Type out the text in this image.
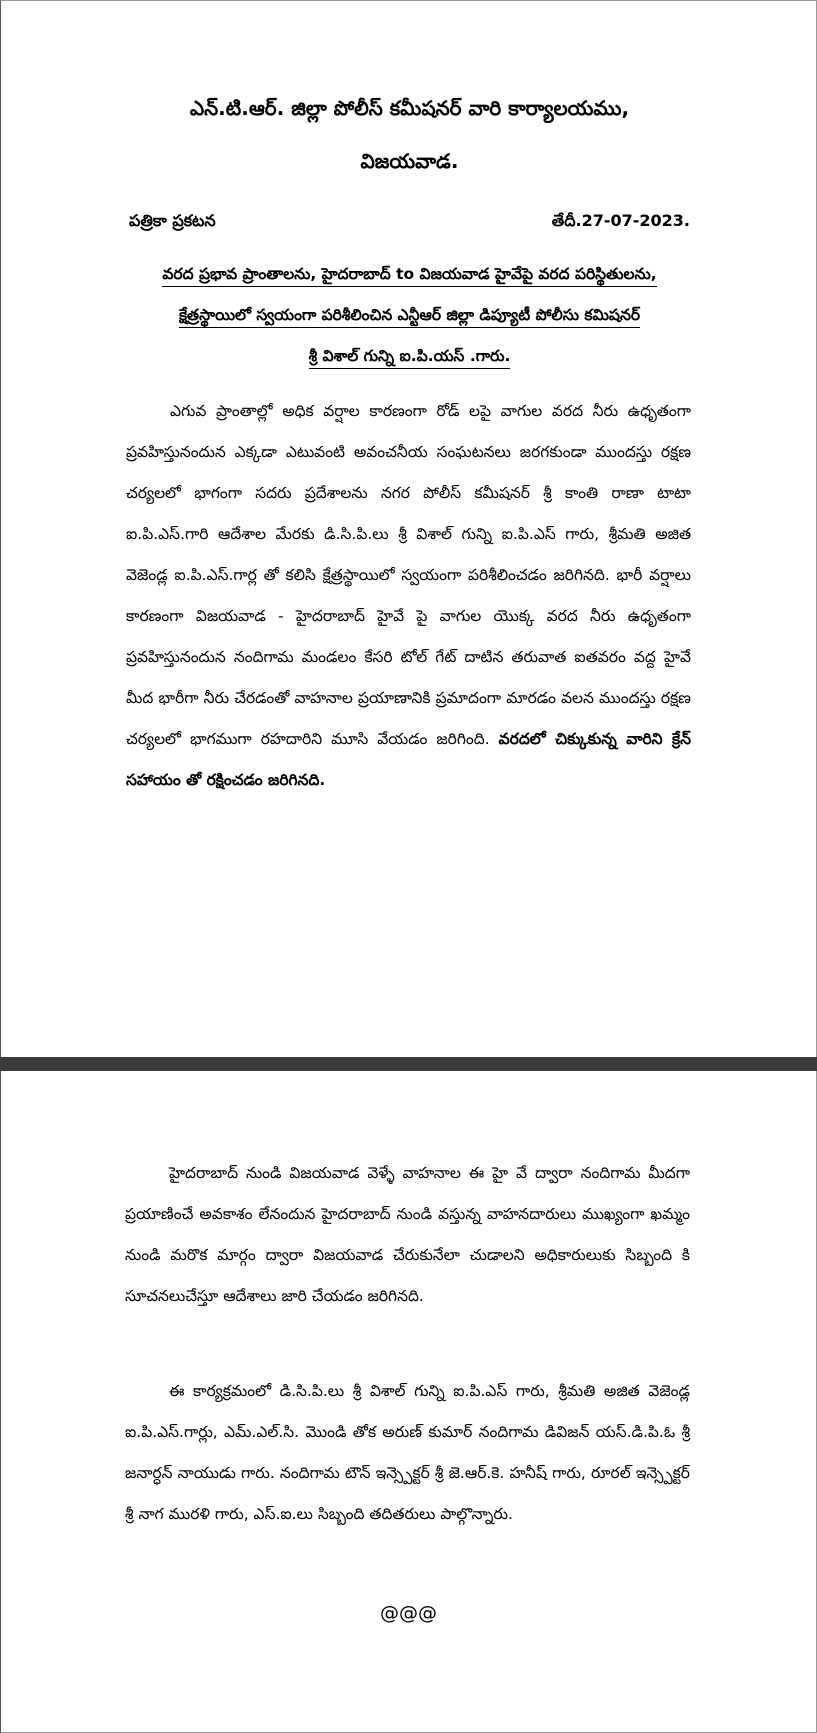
ఎన్.టి.ఆర్. జిల్లా పోలీస్ కమీషనర్ వారి కార్యాలయము,
విజయవాడ.
పత్రికా ప్రకటన	తేదీ.27-07-2023.
వరద ప్రభావ ప్రాంతాలను, హైదరాబాద్ to విజయవాడ హైవేపై వరద పరిస్థితులను,
క్షేత్రస్థాయిలో స్వయంగా పరిశీలించిన ఎన్టీఆర్ జిల్లా డిప్యూటీ పోలీసు కమిషనర్
శ్రీ విశాల్ గున్ని ఐ.పి.యస్ .గారు.

ఎగువ ప్రాంతాల్లో అధిక వర్షాల కారణంగా రోడ్ లపై వాగుల వరద నీరు ఉధృతంగా ప్రవహిస్తునందున ఎక్కడా ఎటువంటి అవంచనీయ సంఘటనలు జరగకుండా ముందస్తు రక్షణ చర్యలలో భాగంగా సదరు ప్రదేశాలను నగర పోలీస్ కమీషనర్ శ్రీ కాంతి రాణా టాటా ఐ.పి.ఎస్.గారి ఆదేశాల మేరకు డి.సి.పి.లు శ్రీ విశాల్ గున్ని ఐ.పి.ఎస్ గారు, శ్రీమతి అజిత వెజెండ్ల ఐ.పి.ఎస్.గార్ల తో కలిసి క్షేత్రస్థాయిలో స్వయంగా పరిశీలించడం జరిగినది. భారీ వర్షాలు కారణంగా విజయవాడ - హైదరాబాద్ హైవే పై వాగుల యొక్క వరద నీరు ఉధృతంగా ప్రవహిస్తునందున నందిగామ మండలం కేసరి టోల్ గేట్ దాటిన తరువాత ఐతవరం వద్ద హైవే మీద భారీగా నీరు చేరడంతో వాహనాల ప్రయాణానికి ప్రమాదంగా మారడం వలన ముందస్తు రక్షణ చర్యలలో భాగముగా రహదారిని మూసి వేయడం జరిగింది. వరదలో చిక్కుకున్న వారిని క్రేన్ సహాయం తో రక్షించడం జరిగినది.

హైదరాబాద్ నుండి విజయవాడ వెళ్ళే వాహనాల ఈ హై వే ద్వారా నందిగామ మీదగా ప్రయాణించే అవకాశం లేనందున హైదరాబాద్ నుండి వస్తున్న వాహనదారులు ముఖ్యంగా ఖమ్మం నుండి మరొక మార్గం ద్వారా విజయవాడ చేరుకునేలా చుడాలని అధికారులుకు సిబ్బంది కి సూచనలుచేస్తూ ఆదేశాలు జారి చేయడం జరిగినది.

ఈ కార్యక్రమంలో డి.సి.పి.లు శ్రీ విశాల్ గున్ని ఐ.పి.ఎస్ గారు, శ్రీమతి అజిత వెజెండ్ల ఐ.పి.ఎస్.గార్లు, ఎమ్.ఎల్.సి. మొండి తోక అరుణ్ కుమార్ నందిగామ డివిజన్ యస్.డి.పి.ఓ శ్రీ జనార్ధన్ నాయుడు గారు. నందిగామ టౌన్ ఇన్స్పెక్టర్ శ్రీ జె.ఆర్.కె. హనీష్ గారు, రూరల్ ఇన్స్పెక్టర్ శ్రీ నాగ మురళి గారు, ఎస్.ఐ.లు సిబ్బంది తదితరులు పాల్గొన్నారు.

@@@
